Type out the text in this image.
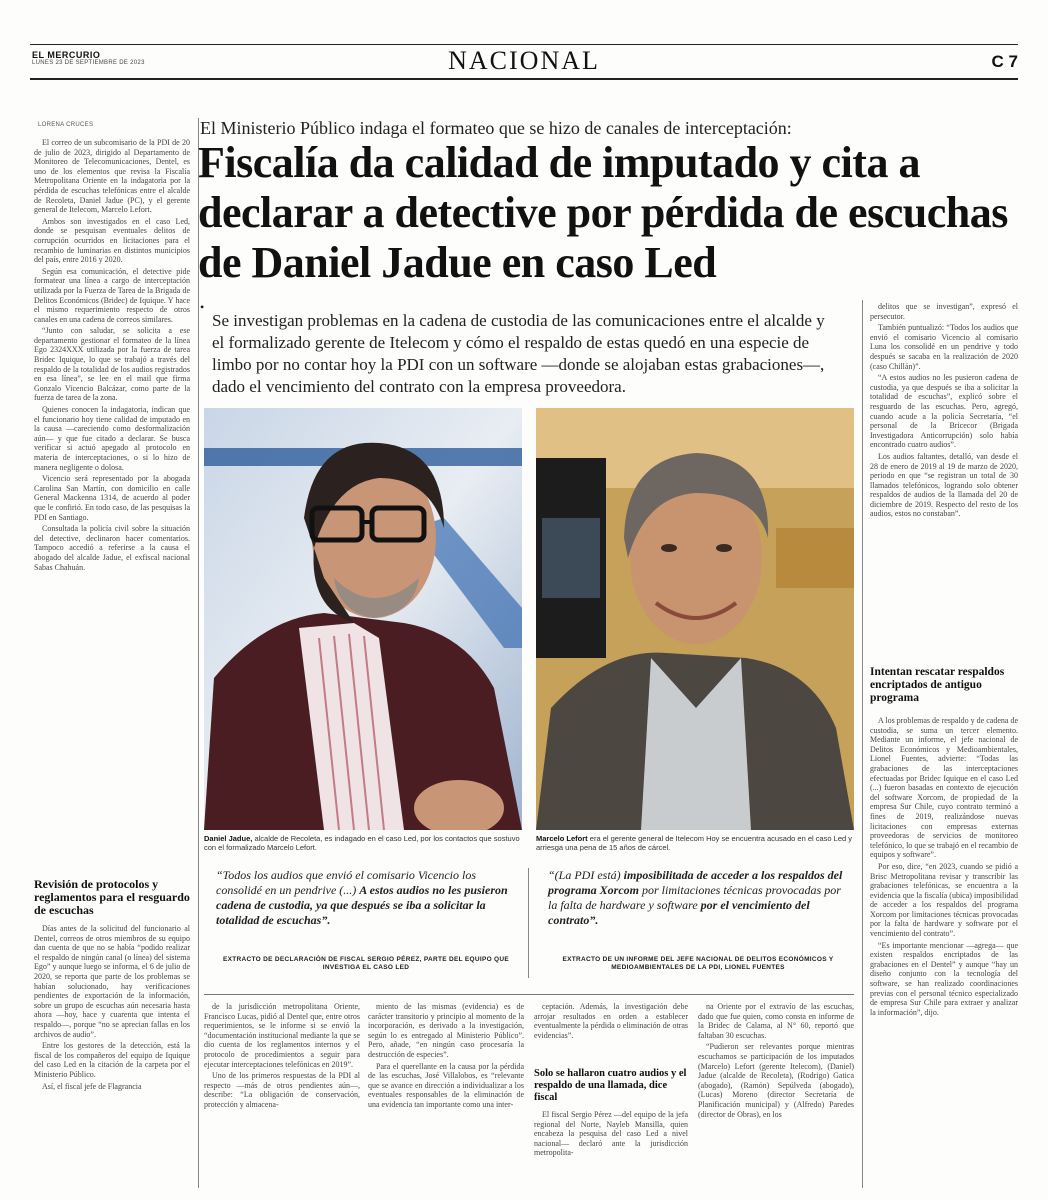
EL MERCURIO
LUNES 23 DE SEPTIEMBRE DE 2023	NACIONAL	C 7
LORENA CRUCES

El correo de un subcomisario de la PDI de 20 de julio de 2023, dirigido al Departamento de Monitoreo de Telecomunicaciones, Dentel, es uno de los elementos que revisa la Fiscalía Metropolitana Oriente en la indagatoria por la pérdida de escuchas telefónicas entre el alcalde de Recoleta, Daniel Jadue (PC), y el gerente general de Itelecom, Marcelo Lefort.

Ambos son investigados en el caso Led, donde se pesquisan eventuales delitos de corrupción ocurridos en licitaciones para el recambio de luminarias en distintos municipios del país, entre 2016 y 2020.

Según esa comunicación, el detective pide formatear una línea a cargo de interceptación utilizada por la Fuerza de Tarea de la Brigada de Delitos Económicos (Bridec) de Iquique. Y hace el mismo requerimiento respecto de otros canales en una cadena de correos similares.

“Junto con saludar, se solicita a ese departamento gestionar el formateo de la línea Ego 2324XXX utilizada por la fuerza de tarea Bridec Iquique, lo que se trabajó a través del respaldo de la totalidad de los audios registrados en esa línea”, se lee en el mail que firma Gonzalo Vicencio Balcázar, como parte de la fuerza de tarea de la zona.

Quienes conocen la indagatoria, indican que el funcionario hoy tiene calidad de imputado en la causa —careciendo como desformalización aún— y que fue citado a declarar. Se busca verificar si actuó apegado al protocolo en materia de interceptaciones, o si lo hizo de manera negligente o dolosa.

Vicencio será representado por la abogada Carolina San Martín, con domicilio en calle General Mackenna 1314, de acuerdo al poder que le confirió. En todo caso, de las pesquisas la PDI en Santiago.

Consultada la policía civil sobre la situación del detective, declinaron hacer comentarios. Tampoco accedió a referirse a la causa el abogado del alcalde Jadue, el exfiscal nacional Sabas Chahuán.

Revisión de protocolos y reglamentos para el resguardo de escuchas

Días antes de la solicitud del funcionario al Dentel, correos de otros miembros de su equipo dan cuenta de que no se había “podido realizar el respaldo de ningún canal (o línea) del sistema Ego” y aunque luego se informa, el 6 de julio de 2020, se reporta que parte de los problemas se habían solucionado, hay verificaciones pendientes de exportación de la información, sobre un grupo de escuchas aún necesaria hasta ahora —hoy, hace y cuarenta que intenta el respaldo—, porque “no se aprecian fallas en los archivos de audio”.

Entre los gestores de la detección, está la fiscal de los compañeros del equipo de Iquique del caso Led en la citación de la carpeta por el Ministerio Público.

Así, el fiscal jefe de Flagrancia

El Ministerio Público indaga el formateo que se hizo de canales de interceptación:
Fiscalía da calidad de imputado y cita a declarar a detective por pérdida de escuchas de Daniel Jadue en caso Led
•
Se investigan problemas en la cadena de custodia de las comunicaciones entre el alcalde y el formalizado gerente de Itelecom y cómo el respaldo de estas quedó en una especie de limbo por no contar hoy la PDI con un software —donde se alojaban estas grabaciones—, dado el vencimiento del contrato con la empresa proveedora.
Daniel Jadue, alcalde de Recoleta, es indagado en el caso Led, por los contactos que sostuvo con el formalizado Marcelo Lefort.
Marcelo Lefort era el gerente general de Itelecom Hoy se encuentra acusado en el caso Led y arriesga una pena de 15 años de cárcel.
“Todos los audios que envió el comisario Vicencio los consolidé en un pendrive (...) A estos audios no les pusieron cadena de custodia, ya que después se iba a solicitar la totalidad de escuchas”.
EXTRACTO DE DECLARACIÓN DE FISCAL SERGIO PÉREZ, PARTE DEL EQUIPO QUE INVESTIGA EL CASO LED
“(La PDI está) imposibilitada de acceder a los respaldos del programa Xorcom por limitaciones técnicas provocadas por la falta de hardware y software por el vencimiento del contrato”.
EXTRACTO DE UN INFORME DEL JEFE NACIONAL DE DELITOS ECONÓMICOS Y MEDIOAMBIENTALES DE LA PDI, LIONEL FUENTES

de la jurisdicción metropolitana Oriente, Francisco Lucas, pidió al Dentel que, entre otros requerimientos, se le informe si se envió la “documentación institucional mediante la que se dio cuenta de los reglamentos internos y el protocolo de procedimientos a seguir para ejecutar interceptaciones telefónicas en 2019”.

Uno de los primeros respuestas de la PDI al respecto —más de otros pendientes aún—, describe: “La obligación de conservación, protección y almacena-

miento de las mismas (evidencia) es de carácter transitorio y principio al momento de la incorporación, es derivado a la investigación, según lo es entregado al Ministerio Público”. Pero, añade, “en ningún caso procesaría la destrucción de especies”.

Para el querellante en la causa por la pérdida de las escuchas, José Villalobos, es “relevante que se avance en dirección a individualizar a los eventuales responsables de la eliminación de una evidencia tan importante como una inter-

ceptación. Además, la investigación debe arrojar resultados en orden a establecer eventualmente la pérdida o eliminación de otras evidencias”.

Solo se hallaron cuatro audios y el respaldo de una llamada, dice fiscal

El fiscal Sergio Pérez —del equipo de la jefa regional del Norte, Nayleb Mansilla, quien encabeza la pesquisa del caso Led a nivel nacional— declaró ante la jurisdicción metropolita-

na Oriente por el extravío de las escuchas, dado que fue quien, como consta en informe de la Bridec de Calama, al N° 60, reportó que faltaban 30 escuchas.

“Pudieron ser relevantes porque mientras escuchamos se participación de los imputados (Marcelo) Lefort (gerente Itelecom), (Daniel) Jadue (alcalde de Recoleta), (Rodrigo) Gatica (abogado), (Ramón) Sepúlveda (abogado), (Lucas) Moreno (director Secretaría de Planificación municipal) y (Alfredo) Paredes (director de Obras), en los

delitos que se investigan”, expresó el persecutor.

También puntualizó: “Todos los audios que envió el comisario Vicencio al comisario Luna los consolidé en un pendrive y todo después se sacaba en la realización de 2020 (caso Chillán)”.

“A estos audios no les pusieron cadena de custodia, ya que después se iba a solicitar la totalidad de escuchas”, explicó sobre el resguardo de las escuchas. Pero, agregó, cuando acude a la policía Secretaría, “el personal de la Bricecor (Brigada Investigadora Anticorrupción) solo había encontrado cuatro audios”.

Los audios faltantes, detalló, van desde el 28 de enero de 2019 al 19 de marzo de 2020, periodo en que “se registran un total de 30 llamados telefónicos, logrando solo obtener respaldos de audios de la llamada del 20 de diciembre de 2019. Respecto del resto de los audios, estos no constaban”.

Intentan rescatar respaldos encriptados de antiguo programa

A los problemas de respaldo y de cadena de custodia, se suma un tercer elemento. Mediante un informe, el jefe nacional de Delitos Económicos y Medioambientales, Lionel Fuentes, advierte: “Todas las grabaciones de las interceptaciones efectuadas por Bridec Iquique en el caso Led (...) fueron basadas en contexto de ejecución del software Xorcom, de propiedad de la empresa Sur Chile, cuyo contrato terminó a fines de 2019, realizándose nuevas licitaciones con empresas externas proveedoras de servicios de monitoreo telefónico, lo que se trabajó en el recambio de equipos y software”.

Por eso, dice, “en 2023, cuando se pidió a Brisc Metropolitana revisar y transcribir las grabaciones telefónicas, se encuentra a la evidencia que la fiscalía (ubica) imposibilidad de acceder a los respaldos del programa Xorcom por limitaciones técnicas provocadas por la falta de hardware y software por el vencimiento del contrato”.

“Es importante mencionar —agrega— que existen respaldos encriptados de las grabaciones en el Dentel” y aunque “hay un diseño conjunto con la tecnología del software, se han realizado coordinaciones previas con el personal técnico especializado de empresa Sur Chile para extraer y analizar la información”, dijo.
